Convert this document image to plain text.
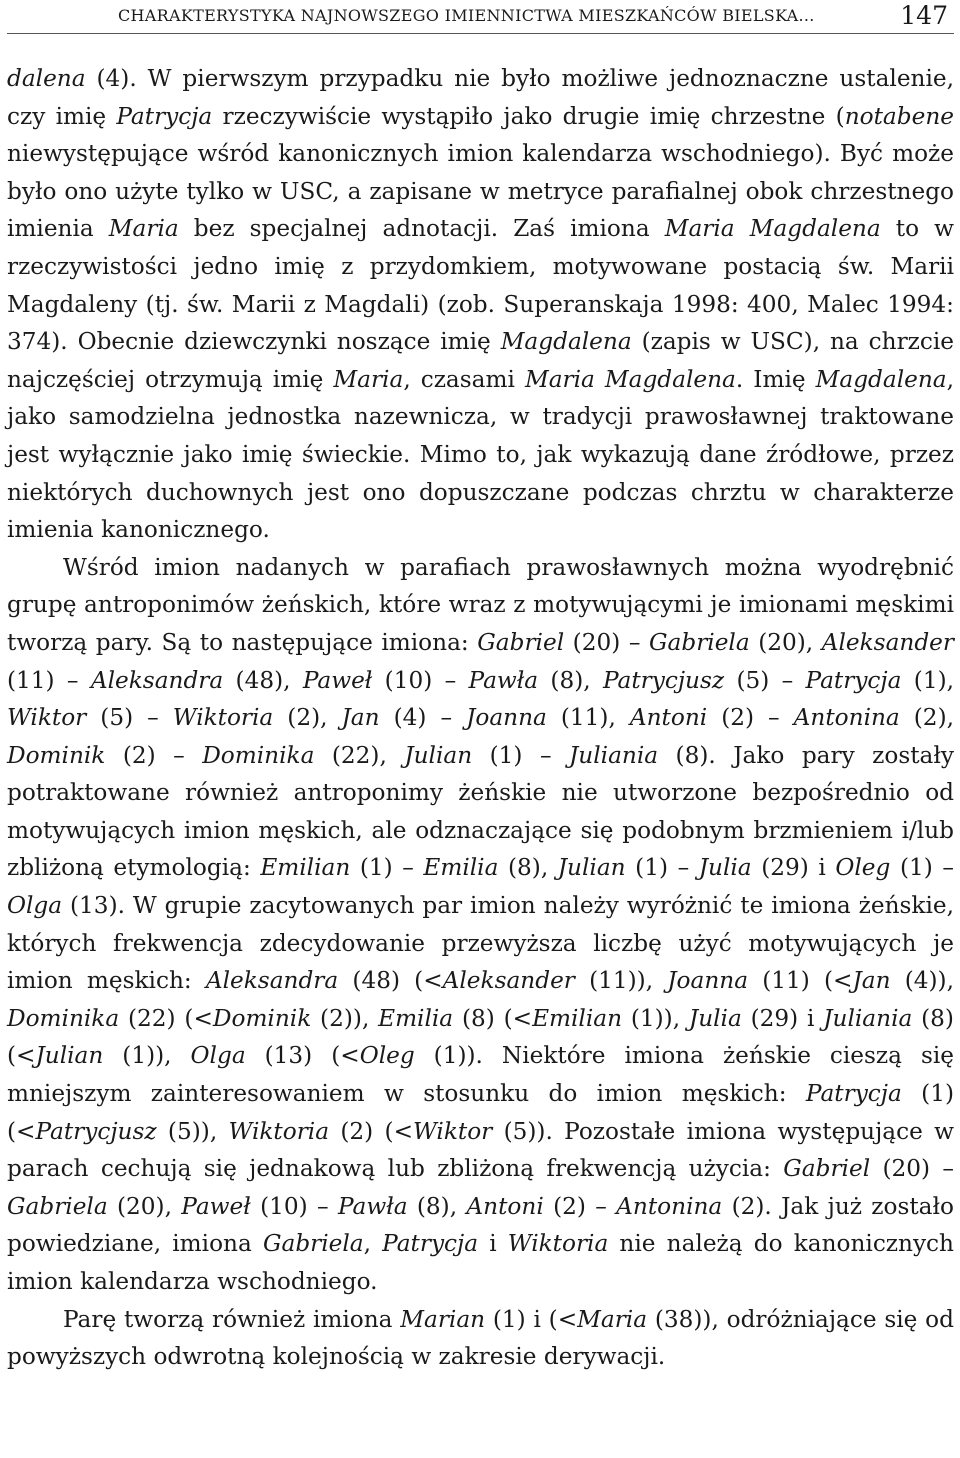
CHARAKTERYSTYKA NAJNOWSZEGO IMIENNICTWA MIESZKAŃCÓW BIELSKA...	147

dalena (4). W pierwszym przypadku nie było możliwe jednoznaczne ustalenie, czy imię Patrycja rzeczywiście wystąpiło jako drugie imię chrzestne (notabene niewystępujące wśród kanonicznych imion kalendarza wschodniego). Być może było ono użyte tylko w USC, a zapisane w metryce parafialnej obok chrzestnego imienia Maria bez specjalnej adnotacji. Zaś imiona Maria Magdalena to w rzeczywistości jedno imię z przydomkiem, motywowane postacią św. Marii Magdaleny (tj. św. Marii z Magdali) (zob. Superanskaja 1998: 400, Malec 1994: 374). Obecnie dziewczynki noszące imię Magdalena (zapis w USC), na chrzcie najczęściej otrzymują imię Maria, czasami Maria Magdalena. Imię Magdalena, jako samodzielna jednostka nazewnicza, w tradycji prawosławnej traktowane jest wyłącznie jako imię świeckie. Mimo to, jak wykazują dane źródłowe, przez niektórych duchownych jest ono dopuszczane podczas chrztu w charakterze imienia kanonicznego.

Wśród imion nadanych w parafiach prawosławnych można wyodrębnić grupę antroponimów żeńskich, które wraz z motywującymi je imionami męskimi tworzą pary. Są to następujące imiona: Gabriel (20) – Gabriela (20), Aleksander (11) – Aleksandra (48), Paweł (10) – Pawła (8), Patrycjusz (5) – Patrycja (1), Wiktor (5) – Wiktoria (2), Jan (4) – Joanna (11), Antoni (2) – Antonina (2), Dominik (2) – Dominika (22), Julian (1) – Juliania (8). Jako pary zostały potraktowane również antroponimy żeńskie nie utworzone bezpośrednio od motywujących imion męskich, ale odznaczające się podobnym brzmieniem i/lub zbliżoną etymologią: Emilian (1) – Emilia (8), Julian (1) – Julia (29) i Oleg (1) – Olga (13). W grupie zacytowanych par imion należy wyróżnić te imiona żeńskie, których frekwencja zdecydowanie przewyższa liczbę użyć motywujących je imion męskich: Aleksandra (48) (<Aleksander (11)), Joanna (11) (<Jan (4)), Dominika (22) (<Dominik (2)), Emilia (8) (<Emilian (1)), Julia (29) i Juliania (8) (<Julian (1)), Olga (13) (<Oleg (1)). Niektóre imiona żeńskie cieszą się mniejszym zainteresowaniem w stosunku do imion męskich: Patrycja (1) (<Patrycjusz (5)), Wiktoria (2) (<Wiktor (5)). Pozostałe imiona występujące w parach cechują się jednakową lub zbliżoną frekwencją użycia: Gabriel (20) – Gabriela (20), Paweł (10) – Pawła (8), Antoni (2) – Antonina (2). Jak już zostało powiedziane, imiona Gabriela, Patrycja i Wiktoria nie należą do kanonicznych imion kalendarza wschodniego.

Parę tworzą również imiona Marian (1) i (<Maria (38)), odróżniające się od powyższych odwrotną kolejnością w zakresie derywacji.
